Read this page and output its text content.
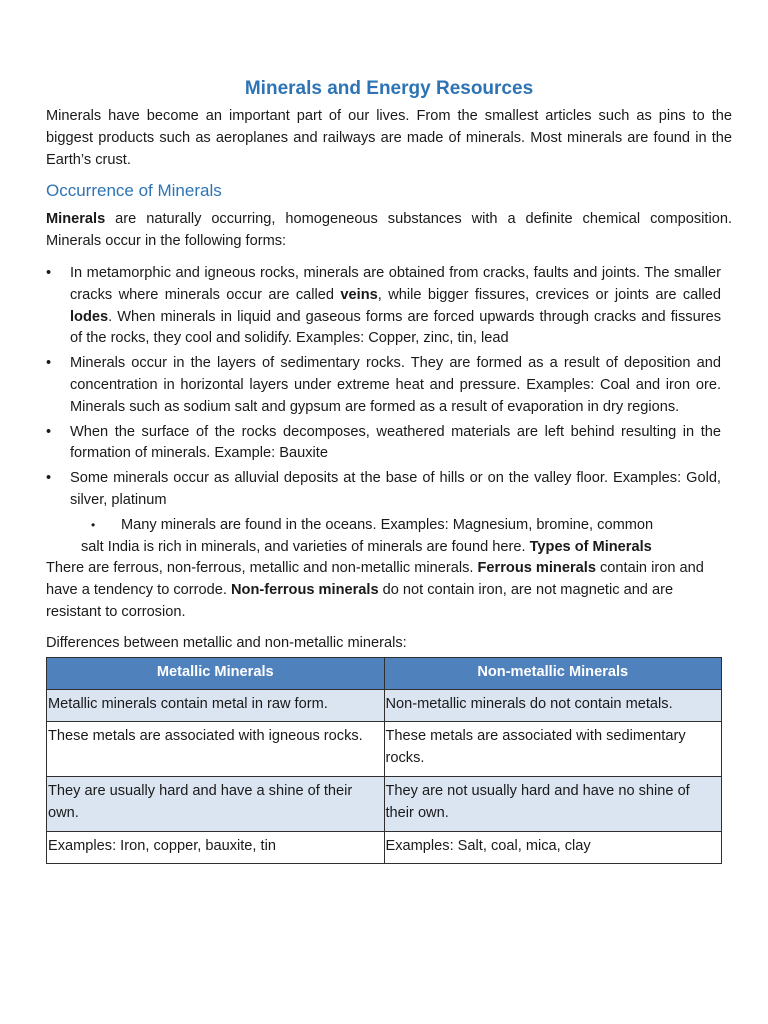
Minerals and Energy Resources

Minerals have become an important part of our lives. From the smallest articles such as pins to the biggest products such as aeroplanes and railways are made of minerals. Most minerals are found in the Earth’s crust.

Occurrence of Minerals

Minerals are naturally occurring, homogeneous substances with a definite chemical composition. Minerals occur in the following forms:

• In metamorphic and igneous rocks, minerals are obtained from cracks, faults and joints. The smaller cracks where minerals occur are called veins, while bigger fissures, crevices or joints are called lodes. When minerals in liquid and gaseous forms are forced upwards through cracks and fissures of the rocks, they cool and solidify. Examples: Copper, zinc, tin, lead
• Minerals occur in the layers of sedimentary rocks. They are formed as a result of deposition and concentration in horizontal layers under extreme heat and pressure. Examples: Coal and iron ore. Minerals such as sodium salt and gypsum are formed as a result of evaporation in dry regions.
• When the surface of the rocks decomposes, weathered materials are left behind resulting in the formation of minerals. Example: Bauxite
• Some minerals occur as alluvial deposits at the base of hills or on the valley floor. Examples: Gold, silver, platinum
•	Many minerals are found in the oceans. Examples: Magnesium, bromine, common
salt India is rich in minerals, and varieties of minerals are found here. Types of Minerals

There are ferrous, non-ferrous, metallic and non-metallic minerals. Ferrous minerals contain iron and have a tendency to corrode. Non-ferrous minerals do not contain iron, are not magnetic and are resistant to corrosion.

Differences between metallic and non-metallic minerals:

Metallic Minerals	Non-metallic Minerals
Metallic minerals contain metal in raw form.	Non-metallic minerals do not contain metals.
These metals are associated with igneous rocks.	These metals are associated with sedimentary rocks.
They are usually hard and have a shine of their own.	They are not usually hard and have no shine of their own.
Examples: Iron, copper, bauxite, tin	Examples: Salt, coal, mica, clay
